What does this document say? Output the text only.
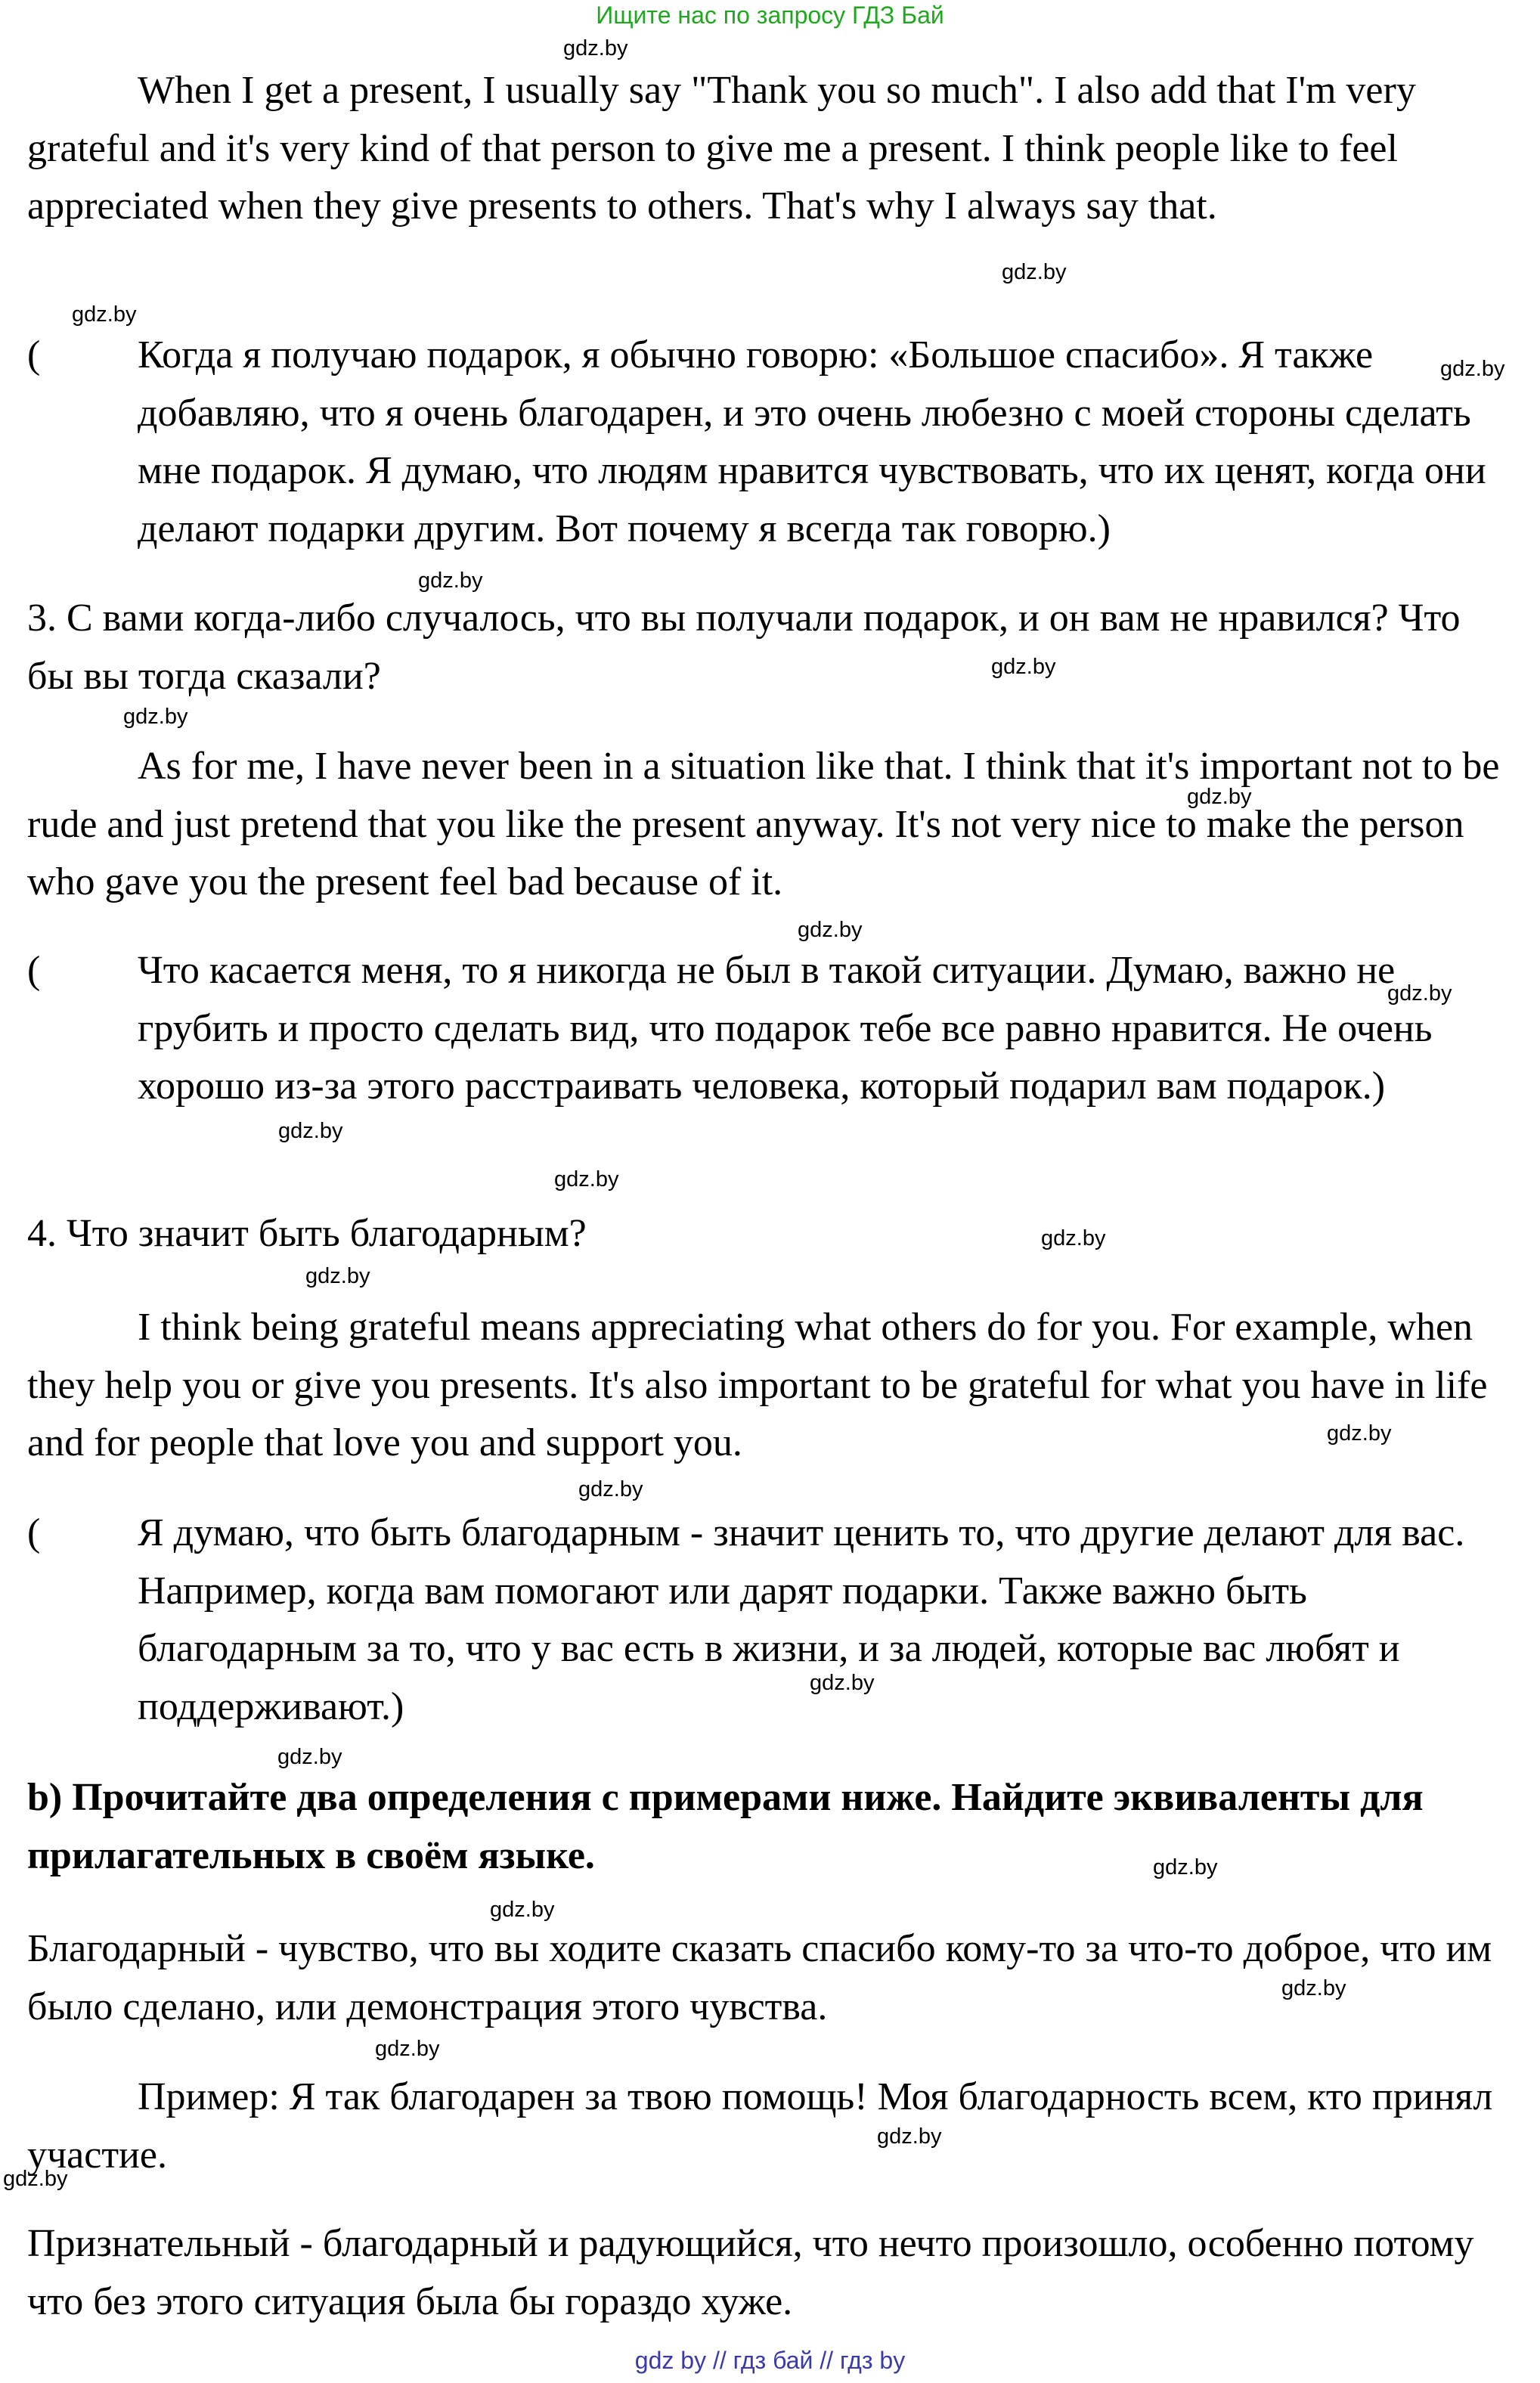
Ищите нас по запросу ГДЗ Бай

When I get a present, I usually say "Thank you so much". I also add that I'm very grateful and it's very kind of that person to give me a present. I think people like to feel appreciated when they give presents to others. That's why I always say that.

(	Когда я получаю подарок, я обычно говорю: «Большое спасибо». Я также добавляю, что я очень благодарен, и это очень любезно с моей стороны сделать мне подарок. Я думаю, что людям нравится чувствовать, что их ценят, когда они делают подарки другим. Вот почему я всегда так говорю.)

3. С вами когда-либо случалось, что вы получали подарок, и он вам не нравился? Что бы вы тогда сказали?

As for me, I have never been in a situation like that. I think that it's important not to be rude and just pretend that you like the present anyway. It's not very nice to make the person who gave you the present feel bad because of it.

(	Что касается меня, то я никогда не был в такой ситуации. Думаю, важно не грубить и просто сделать вид, что подарок тебе все равно нравится. Не очень хорошо из-за этого расстраивать человека, который подарил вам подарок.)

4. Что значит быть благодарным?

I think being grateful means appreciating what others do for you. For example, when they help you or give you presents. It's also important to be grateful for what you have in life and for people that love you and support you.

(	Я думаю, что быть благодарным - значит ценить то, что другие делают для вас. Например, когда вам помогают или дарят подарки. Также важно быть благодарным за то, что у вас есть в жизни, и за людей, которые вас любят и поддерживают.)

b) Прочитайте два определения с примерами ниже. Найдите эквиваленты для прилагательных в своём языке.

Благодарный - чувство, что вы ходите сказать спасибо кому-то за что-то доброе, что им было сделано, или демонстрация этого чувства.

Пример: Я так благодарен за твою помощь! Моя благодарность всем, кто принял участие.

Признательный - благодарный и радующийся, что нечто произошло, особенно потому что без этого ситуация была бы гораздо хуже.

gdz.by
gdz.by
gdz.by
gdz.by
gdz.by
gdz.by
gdz.by
gdz.by
gdz.by
gdz.by
gdz.by
gdz.by
gdz.by
gdz.by
gdz.by
gdz.by
gdz.by
gdz.by
gdz.by
gdz.by
gdz.by
gdz.by
gdz.by
gdz.by
gdz by // гдз бай // гдз by
